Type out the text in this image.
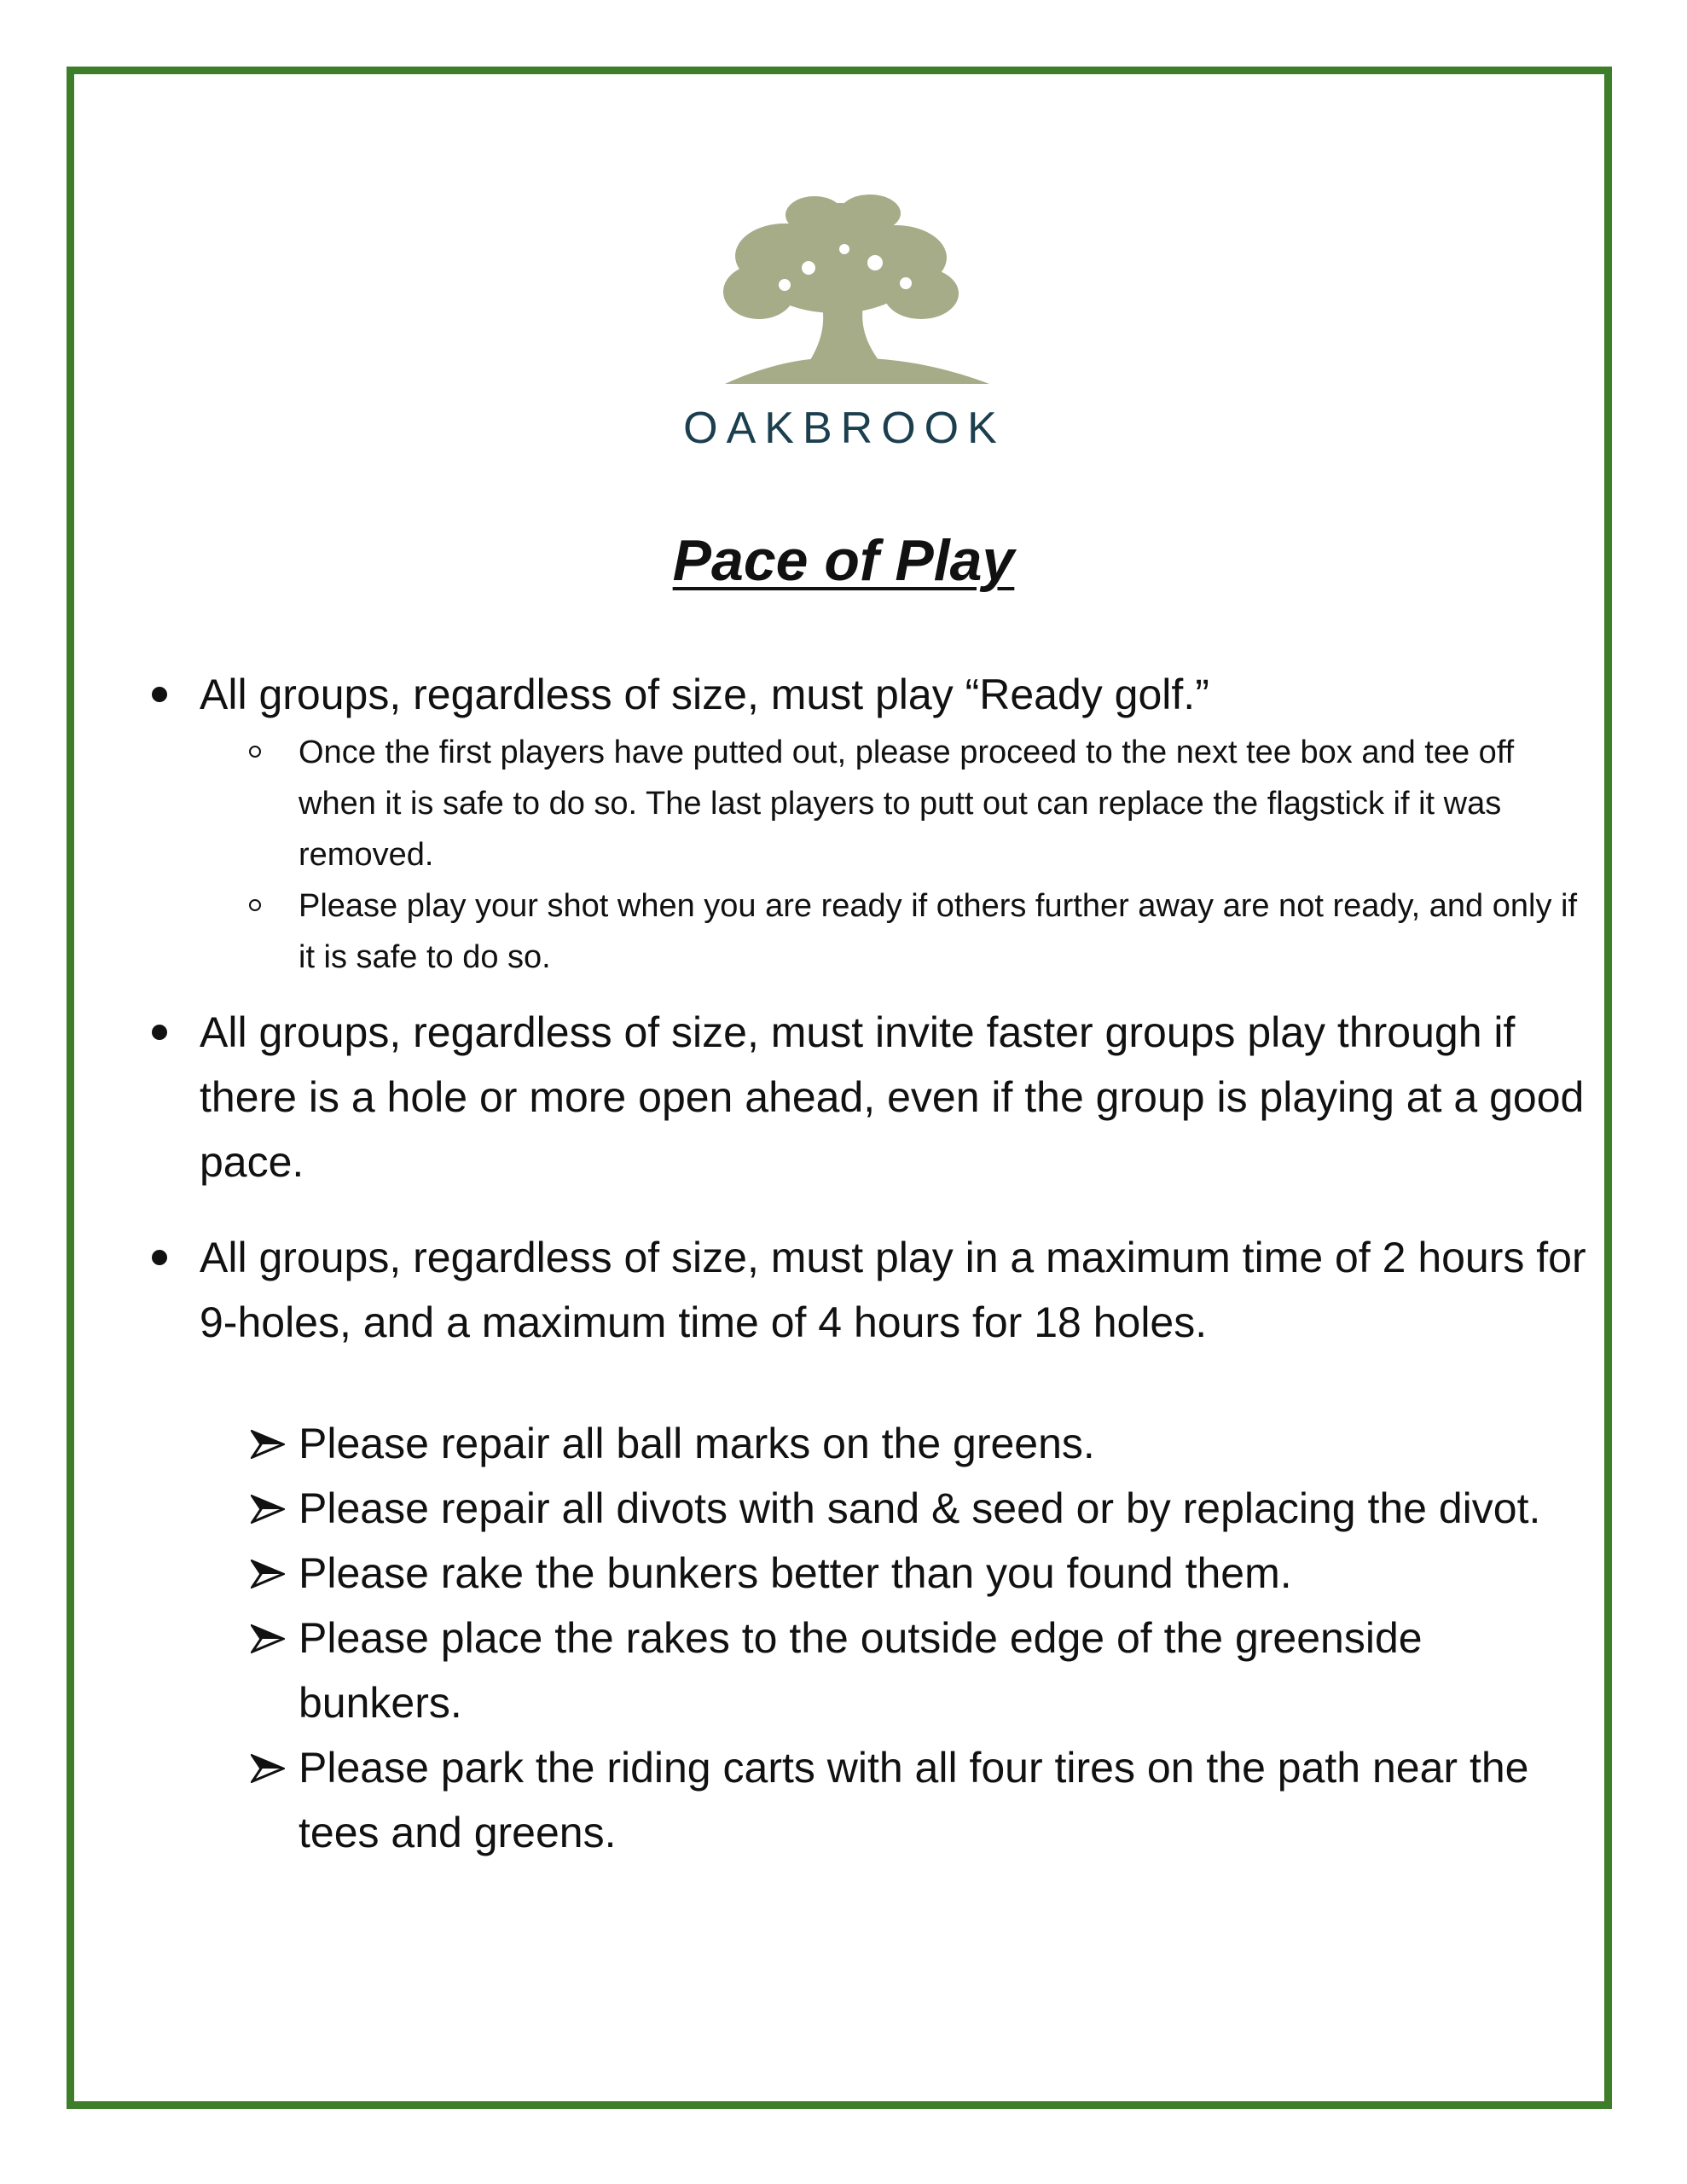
OAKBROOK
Pace of Play
All groups, regardless of size, must play “Ready golf.”
Once the first players have putted out, please proceed to the next tee box and tee off when it is safe to do so. The last players to putt out can replace the flagstick if it was removed.
Please play your shot when you are ready if others further away are not ready, and only if it is safe to do so.
All groups, regardless of size, must invite faster groups play through if there is a hole or more open ahead, even if the group is playing at a good pace.
All groups, regardless of size, must play in a maximum time of 2 hours for 9-holes, and a maximum time of 4 hours for 18 holes.
Please repair all ball marks on the greens.
Please repair all divots with sand & seed or by replacing the divot.
Please rake the bunkers better than you found them.
Please place the rakes to the outside edge of the greenside bunkers.
Please park the riding carts with all four tires on the path near the tees and greens.
